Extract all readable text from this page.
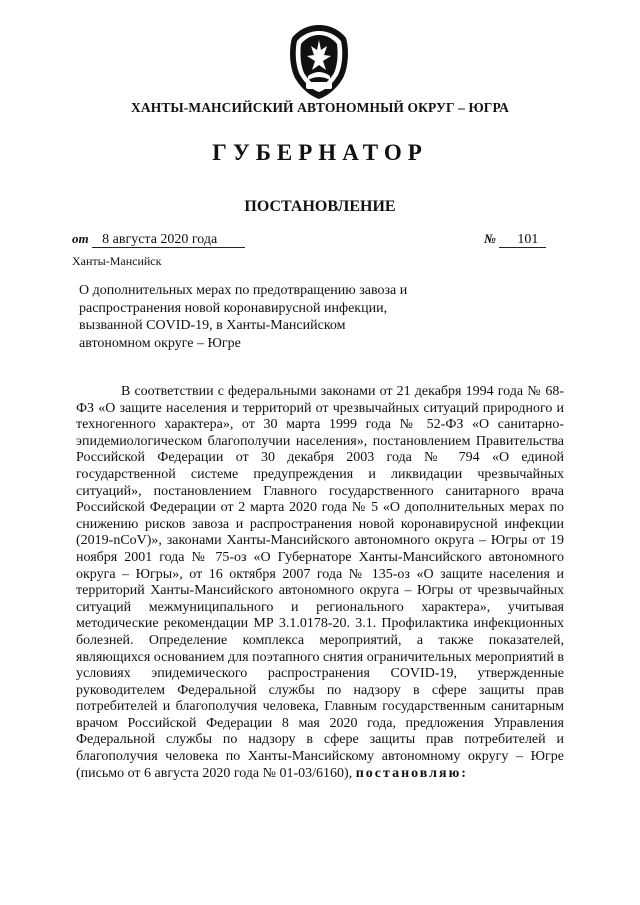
ХАНТЫ-МАНСИЙСКИЙ АВТОНОМНЫЙ ОКРУГ – ЮГРА
ГУБЕРНАТОР
ПОСТАНОВЛЕНИЕ
от 8 августа 2020 года	№ 101
Ханты-Мансийск
О дополнительных мерах по предотвращению завоза и распространения новой коронавирусной инфекции, вызванной COVID-19, в Ханты-Мансийском автономном округе – Югре
В соответствии с федеральными законами от 21 декабря 1994 года № 68-ФЗ «О защите населения и территорий от чрезвычайных ситуаций природного и техногенного характера», от 30 марта 1999 года № 52-ФЗ «О санитарно-эпидемиологическом благополучии населения», постановлением Правительства Российской Федерации от 30 декабря 2003 года № 794 «О единой государственной системе предупреждения и ликвидации чрезвычайных ситуаций», постановлением Главного государственного санитарного врача Российской Федерации от 2 марта 2020 года № 5 «О дополнительных мерах по снижению рисков завоза и распространения новой коронавирусной инфекции (2019-nCoV)», законами Ханты-Мансийского автономного округа – Югры от 19 ноября 2001 года № 75-оз «О Губернаторе Ханты-Мансийского автономного округа – Югры», от 16 октября 2007 года № 135-оз «О защите населения и территорий Ханты-Мансийского автономного округа – Югры от чрезвычайных ситуаций межмуниципального и регионального характера», учитывая методические рекомендации МР 3.1.0178-20. 3.1. Профилактика инфекционных болезней. Определение комплекса мероприятий, а также показателей, являющихся основанием для поэтапного снятия ограничительных мероприятий в условиях эпидемического распространения COVID-19, утвержденные руководителем Федеральной службы по надзору в сфере защиты прав потребителей и благополучия человека, Главным государственным санитарным врачом Российской Федерации 8 мая 2020 года, предложения Управления Федеральной службы по надзору в сфере защиты прав потребителей и благополучия человека по Ханты-Мансийскому автономному округу – Югре (письмо от 6 августа 2020 года № 01-03/6160), постановляю:
